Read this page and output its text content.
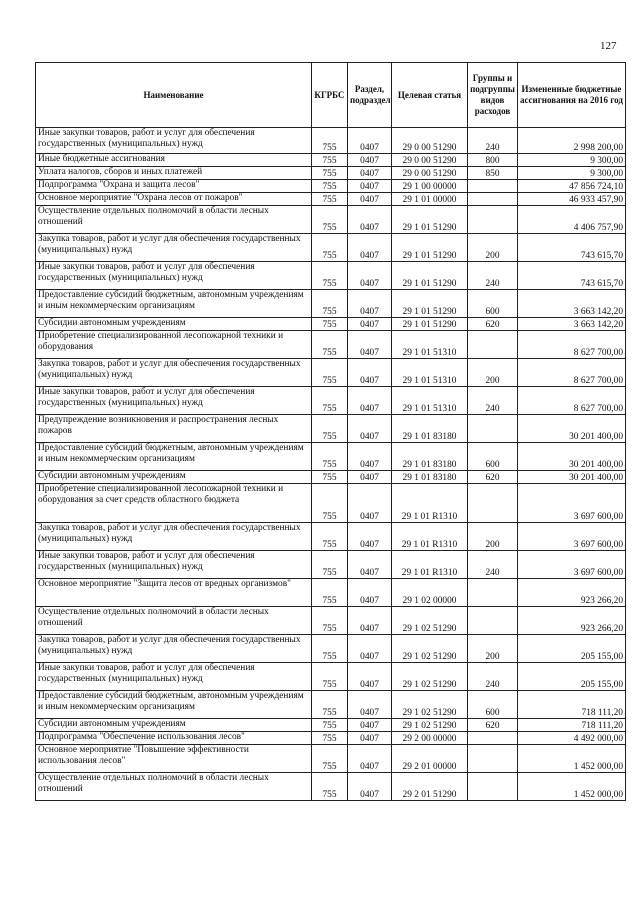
127
Наименование	КГРБС	Раздел, подраздел	Целевая статья	Группы и подгруппы видов расходов	Измененные бюджетные ассигнования на 2016 год
Иные закупки товаров, работ и услуг для обеспечения государственных (муниципальных) нужд	755	0407	29 0 00 51290	240	2 998 200,00
Иные бюджетные ассигнования	755	0407	29 0 00 51290	800	9 300,00
Уплата налогов, сборов и иных платежей	755	0407	29 0 00 51290	850	9 300,00
Подпрограмма "Охрана и защита лесов"	755	0407	29 1 00 00000		47 856 724,10
Основное мероприятие "Охрана лесов от пожаров"	755	0407	29 1 01 00000		46 933 457,90
Осуществление отдельных полномочий в области лесных отношений	755	0407	29 1 01 51290		4 406 757,90
Закупка товаров, работ и услуг для обеспечения государственных (муниципальных) нужд	755	0407	29 1 01 51290	200	743 615,70
Иные закупки товаров, работ и услуг для обеспечения государственных (муниципальных) нужд	755	0407	29 1 01 51290	240	743 615,70
Предоставление субсидий бюджетным, автономным учреждениям и иным некоммерческим организациям	755	0407	29 1 01 51290	600	3 663 142,20
Субсидии автономным учреждениям	755	0407	29 1 01 51290	620	3 663 142,20
Приобретение специализированной лесопожарной техники и оборудования	755	0407	29 1 01 51310		8 627 700,00
Закупка товаров, работ и услуг для обеспечения государственных (муниципальных) нужд	755	0407	29 1 01 51310	200	8 627 700,00
Иные закупки товаров, работ и услуг для обеспечения государственных (муниципальных) нужд	755	0407	29 1 01 51310	240	8 627 700,00
Предупреждение возникновения и распространения лесных пожаров	755	0407	29 1 01 83180		30 201 400,00
Предоставление субсидий бюджетным, автономным учреждениям и иным некоммерческим организациям	755	0407	29 1 01 83180	600	30 201 400,00
Субсидии автономным учреждениям	755	0407	29 1 01 83180	620	30 201 400,00
Приобретение специализированной лесопожарной техники и оборудования за счет средств областного бюджета	755	0407	29 1 01 R1310		3 697 600,00
Закупка товаров, работ и услуг для обеспечения государственных (муниципальных) нужд	755	0407	29 1 01 R1310	200	3 697 600,00
Иные закупки товаров, работ и услуг для обеспечения государственных (муниципальных) нужд	755	0407	29 1 01 R1310	240	3 697 600,00
Основное мероприятие "Защита лесов от вредных организмов"	755	0407	29 1 02 00000		923 266,20
Осуществление отдельных полномочий в области лесных отношений	755	0407	29 1 02 51290		923 266,20
Закупка товаров, работ и услуг для обеспечения государственных (муниципальных) нужд	755	0407	29 1 02 51290	200	205 155,00
Иные закупки товаров, работ и услуг для обеспечения государственных (муниципальных) нужд	755	0407	29 1 02 51290	240	205 155,00
Предоставление субсидий бюджетным, автономным учреждениям и иным некоммерческим организациям	755	0407	29 1 02 51290	600	718 111,20
Субсидии автономным учреждениям	755	0407	29 1 02 51290	620	718 111,20
Подпрограмма "Обеспечение использования лесов"	755	0407	29 2 00 00000		4 492 000,00
Основное мероприятие "Повышение эффективности использования лесов"	755	0407	29 2 01 00000		1 452 000,00
Осуществление отдельных полномочий в области лесных отношений	755	0407	29 2 01 51290		1 452 000,00
